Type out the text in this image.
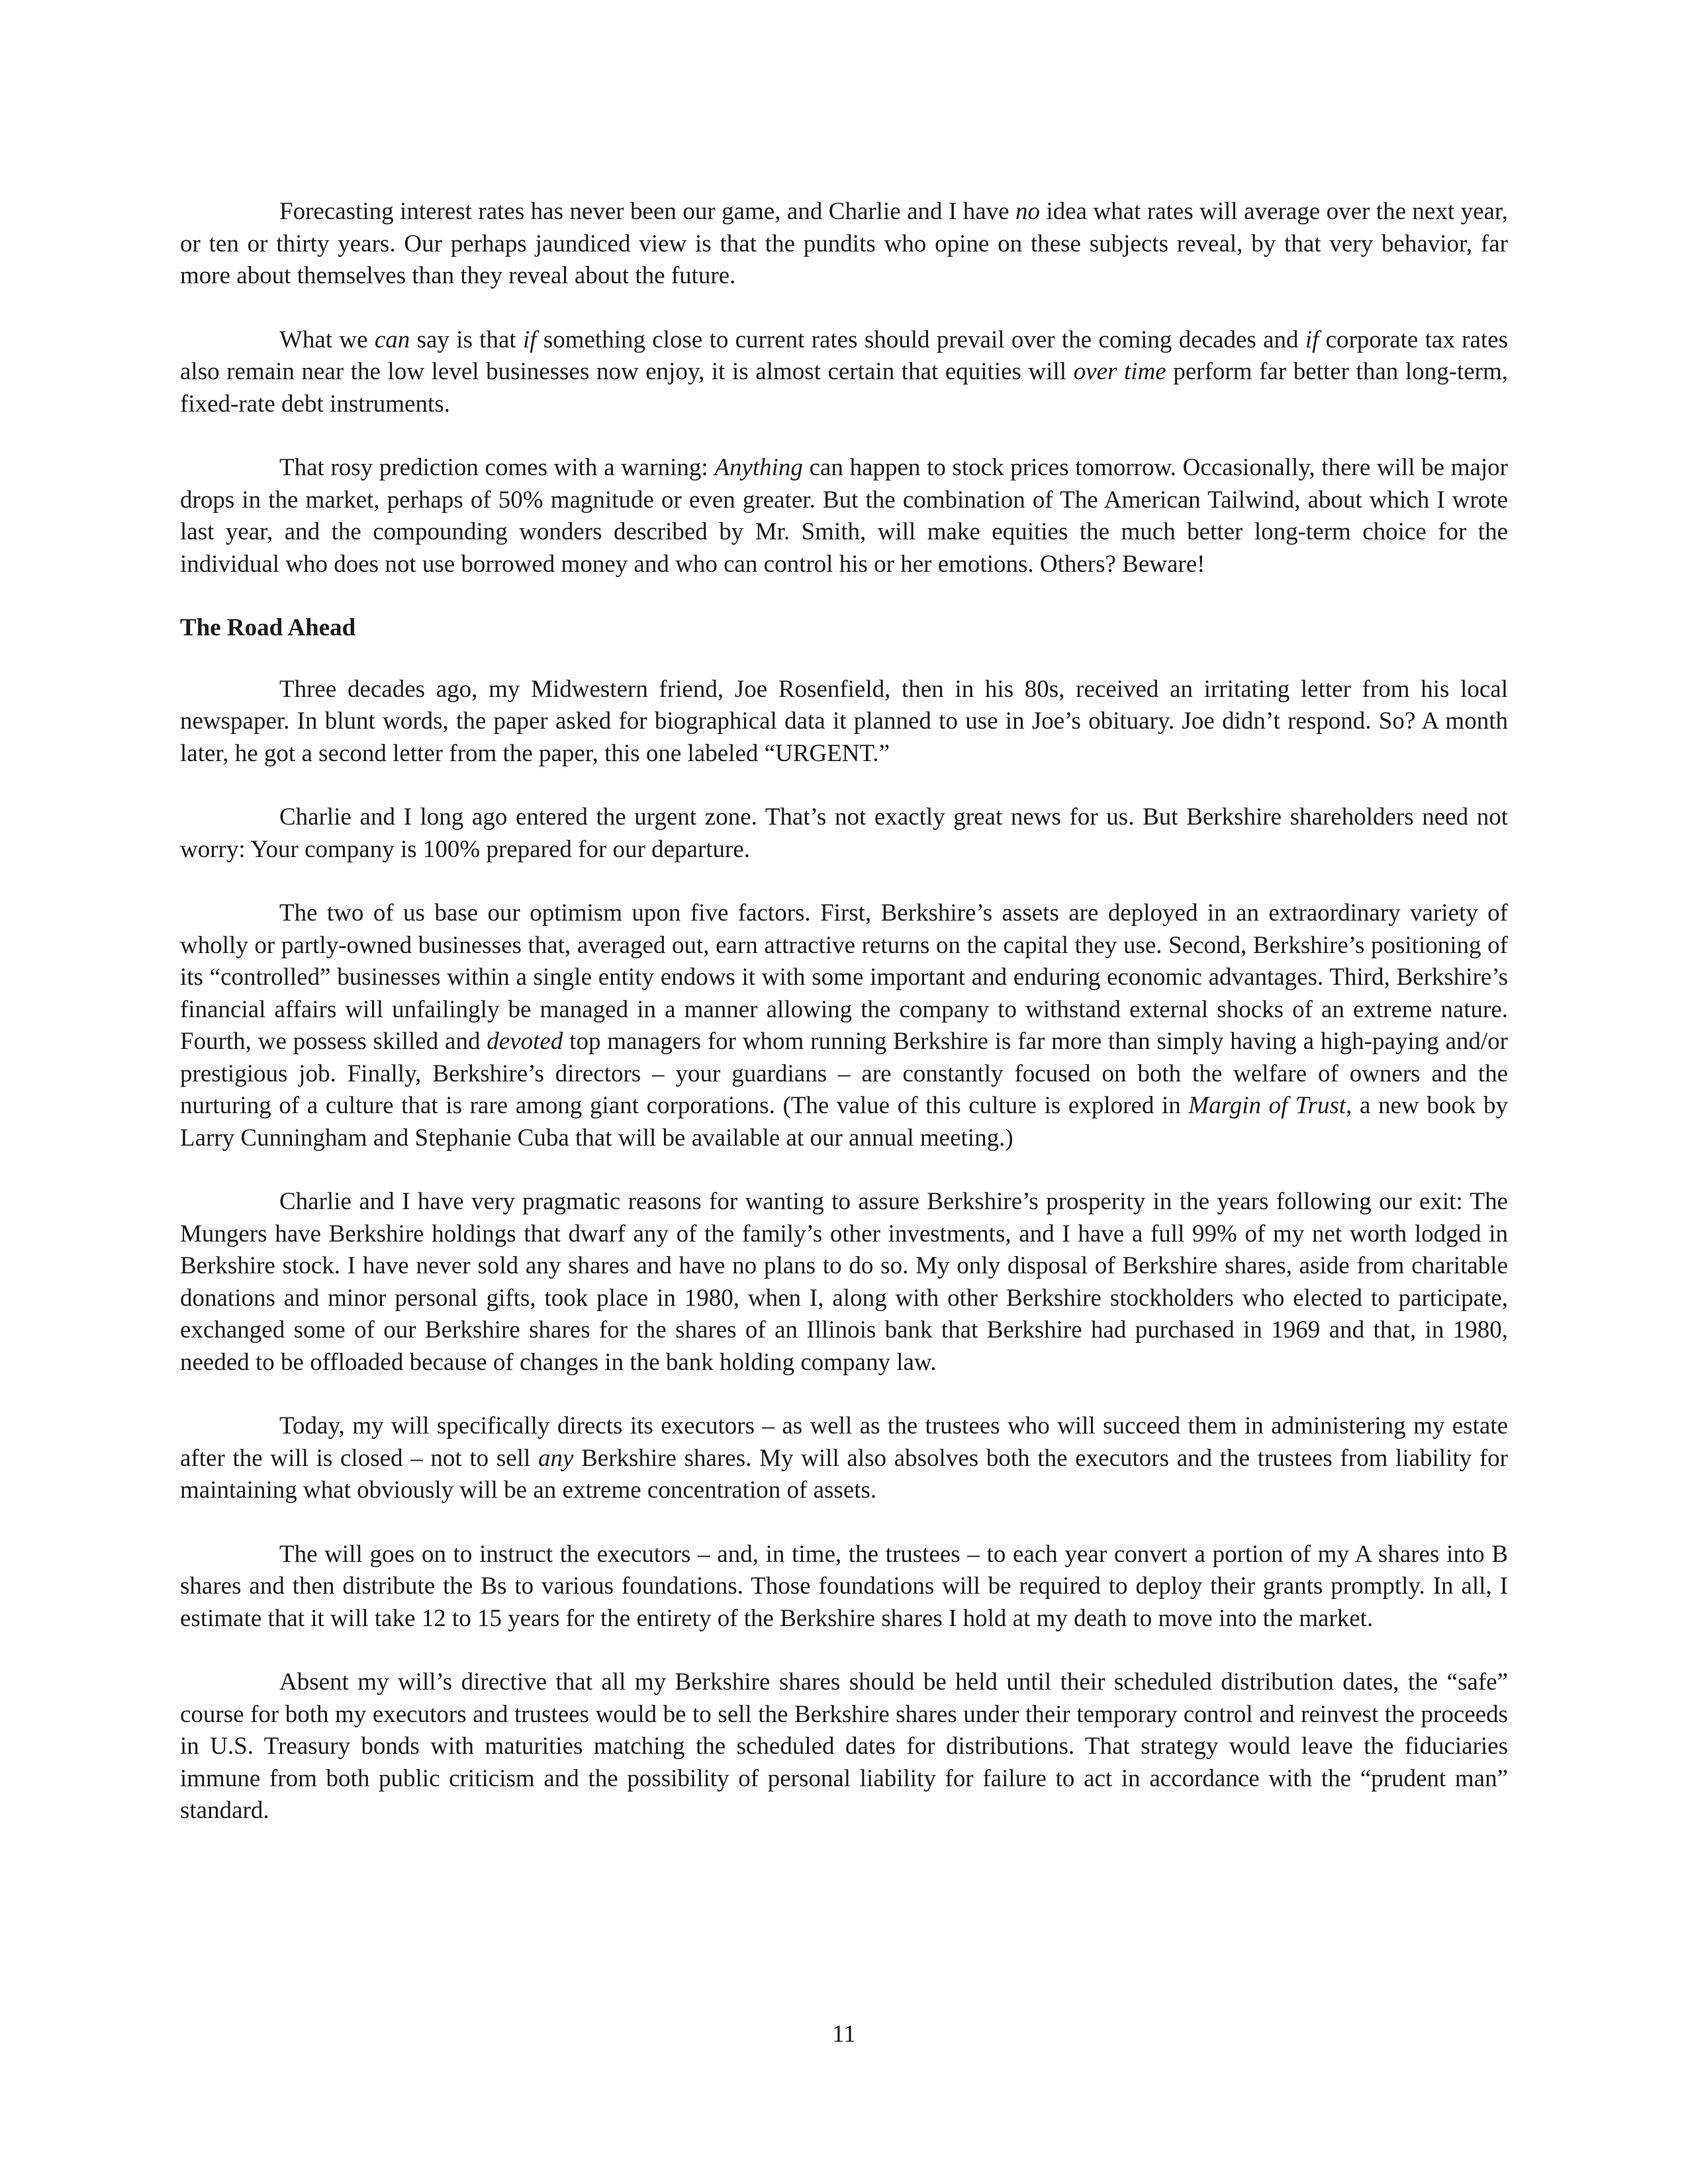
Forecasting interest rates has never been our game, and Charlie and I have no idea what rates will average over the next year, or ten or thirty years. Our perhaps jaundiced view is that the pundits who opine on these subjects reveal, by that very behavior, far more about themselves than they reveal about the future.

What we can say is that if something close to current rates should prevail over the coming decades and if corporate tax rates also remain near the low level businesses now enjoy, it is almost certain that equities will over time perform far better than long-term, fixed-rate debt instruments.

That rosy prediction comes with a warning: Anything can happen to stock prices tomorrow. Occasionally, there will be major drops in the market, perhaps of 50% magnitude or even greater. But the combination of The American Tailwind, about which I wrote last year, and the compounding wonders described by Mr. Smith, will make equities the much better long-term choice for the individual who does not use borrowed money and who can control his or her emotions. Others? Beware!

The Road Ahead

Three decades ago, my Midwestern friend, Joe Rosenfield, then in his 80s, received an irritating letter from his local newspaper. In blunt words, the paper asked for biographical data it planned to use in Joe’s obituary. Joe didn’t respond. So? A month later, he got a second letter from the paper, this one labeled “URGENT.”

Charlie and I long ago entered the urgent zone. That’s not exactly great news for us. But Berkshire shareholders need not worry: Your company is 100% prepared for our departure.

The two of us base our optimism upon five factors. First, Berkshire’s assets are deployed in an extraordinary variety of wholly or partly-owned businesses that, averaged out, earn attractive returns on the capital they use. Second, Berkshire’s positioning of its “controlled” businesses within a single entity endows it with some important and enduring economic advantages. Third, Berkshire’s financial affairs will unfailingly be managed in a manner allowing the company to withstand external shocks of an extreme nature. Fourth, we possess skilled and devoted top managers for whom running Berkshire is far more than simply having a high-paying and/or prestigious job. Finally, Berkshire’s directors – your guardians – are constantly focused on both the welfare of owners and the nurturing of a culture that is rare among giant corporations. (The value of this culture is explored in Margin of Trust, a new book by Larry Cunningham and Stephanie Cuba that will be available at our annual meeting.)

Charlie and I have very pragmatic reasons for wanting to assure Berkshire’s prosperity in the years following our exit: The Mungers have Berkshire holdings that dwarf any of the family’s other investments, and I have a full 99% of my net worth lodged in Berkshire stock. I have never sold any shares and have no plans to do so. My only disposal of Berkshire shares, aside from charitable donations and minor personal gifts, took place in 1980, when I, along with other Berkshire stockholders who elected to participate, exchanged some of our Berkshire shares for the shares of an Illinois bank that Berkshire had purchased in 1969 and that, in 1980, needed to be offloaded because of changes in the bank holding company law.

Today, my will specifically directs its executors – as well as the trustees who will succeed them in administering my estate after the will is closed – not to sell any Berkshire shares. My will also absolves both the executors and the trustees from liability for maintaining what obviously will be an extreme concentration of assets.

The will goes on to instruct the executors – and, in time, the trustees – to each year convert a portion of my A shares into B shares and then distribute the Bs to various foundations. Those foundations will be required to deploy their grants promptly. In all, I estimate that it will take 12 to 15 years for the entirety of the Berkshire shares I hold at my death to move into the market.

Absent my will’s directive that all my Berkshire shares should be held until their scheduled distribution dates, the “safe” course for both my executors and trustees would be to sell the Berkshire shares under their temporary control and reinvest the proceeds in U.S. Treasury bonds with maturities matching the scheduled dates for distributions. That strategy would leave the fiduciaries immune from both public criticism and the possibility of personal liability for failure to act in accordance with the “prudent man” standard.

11
